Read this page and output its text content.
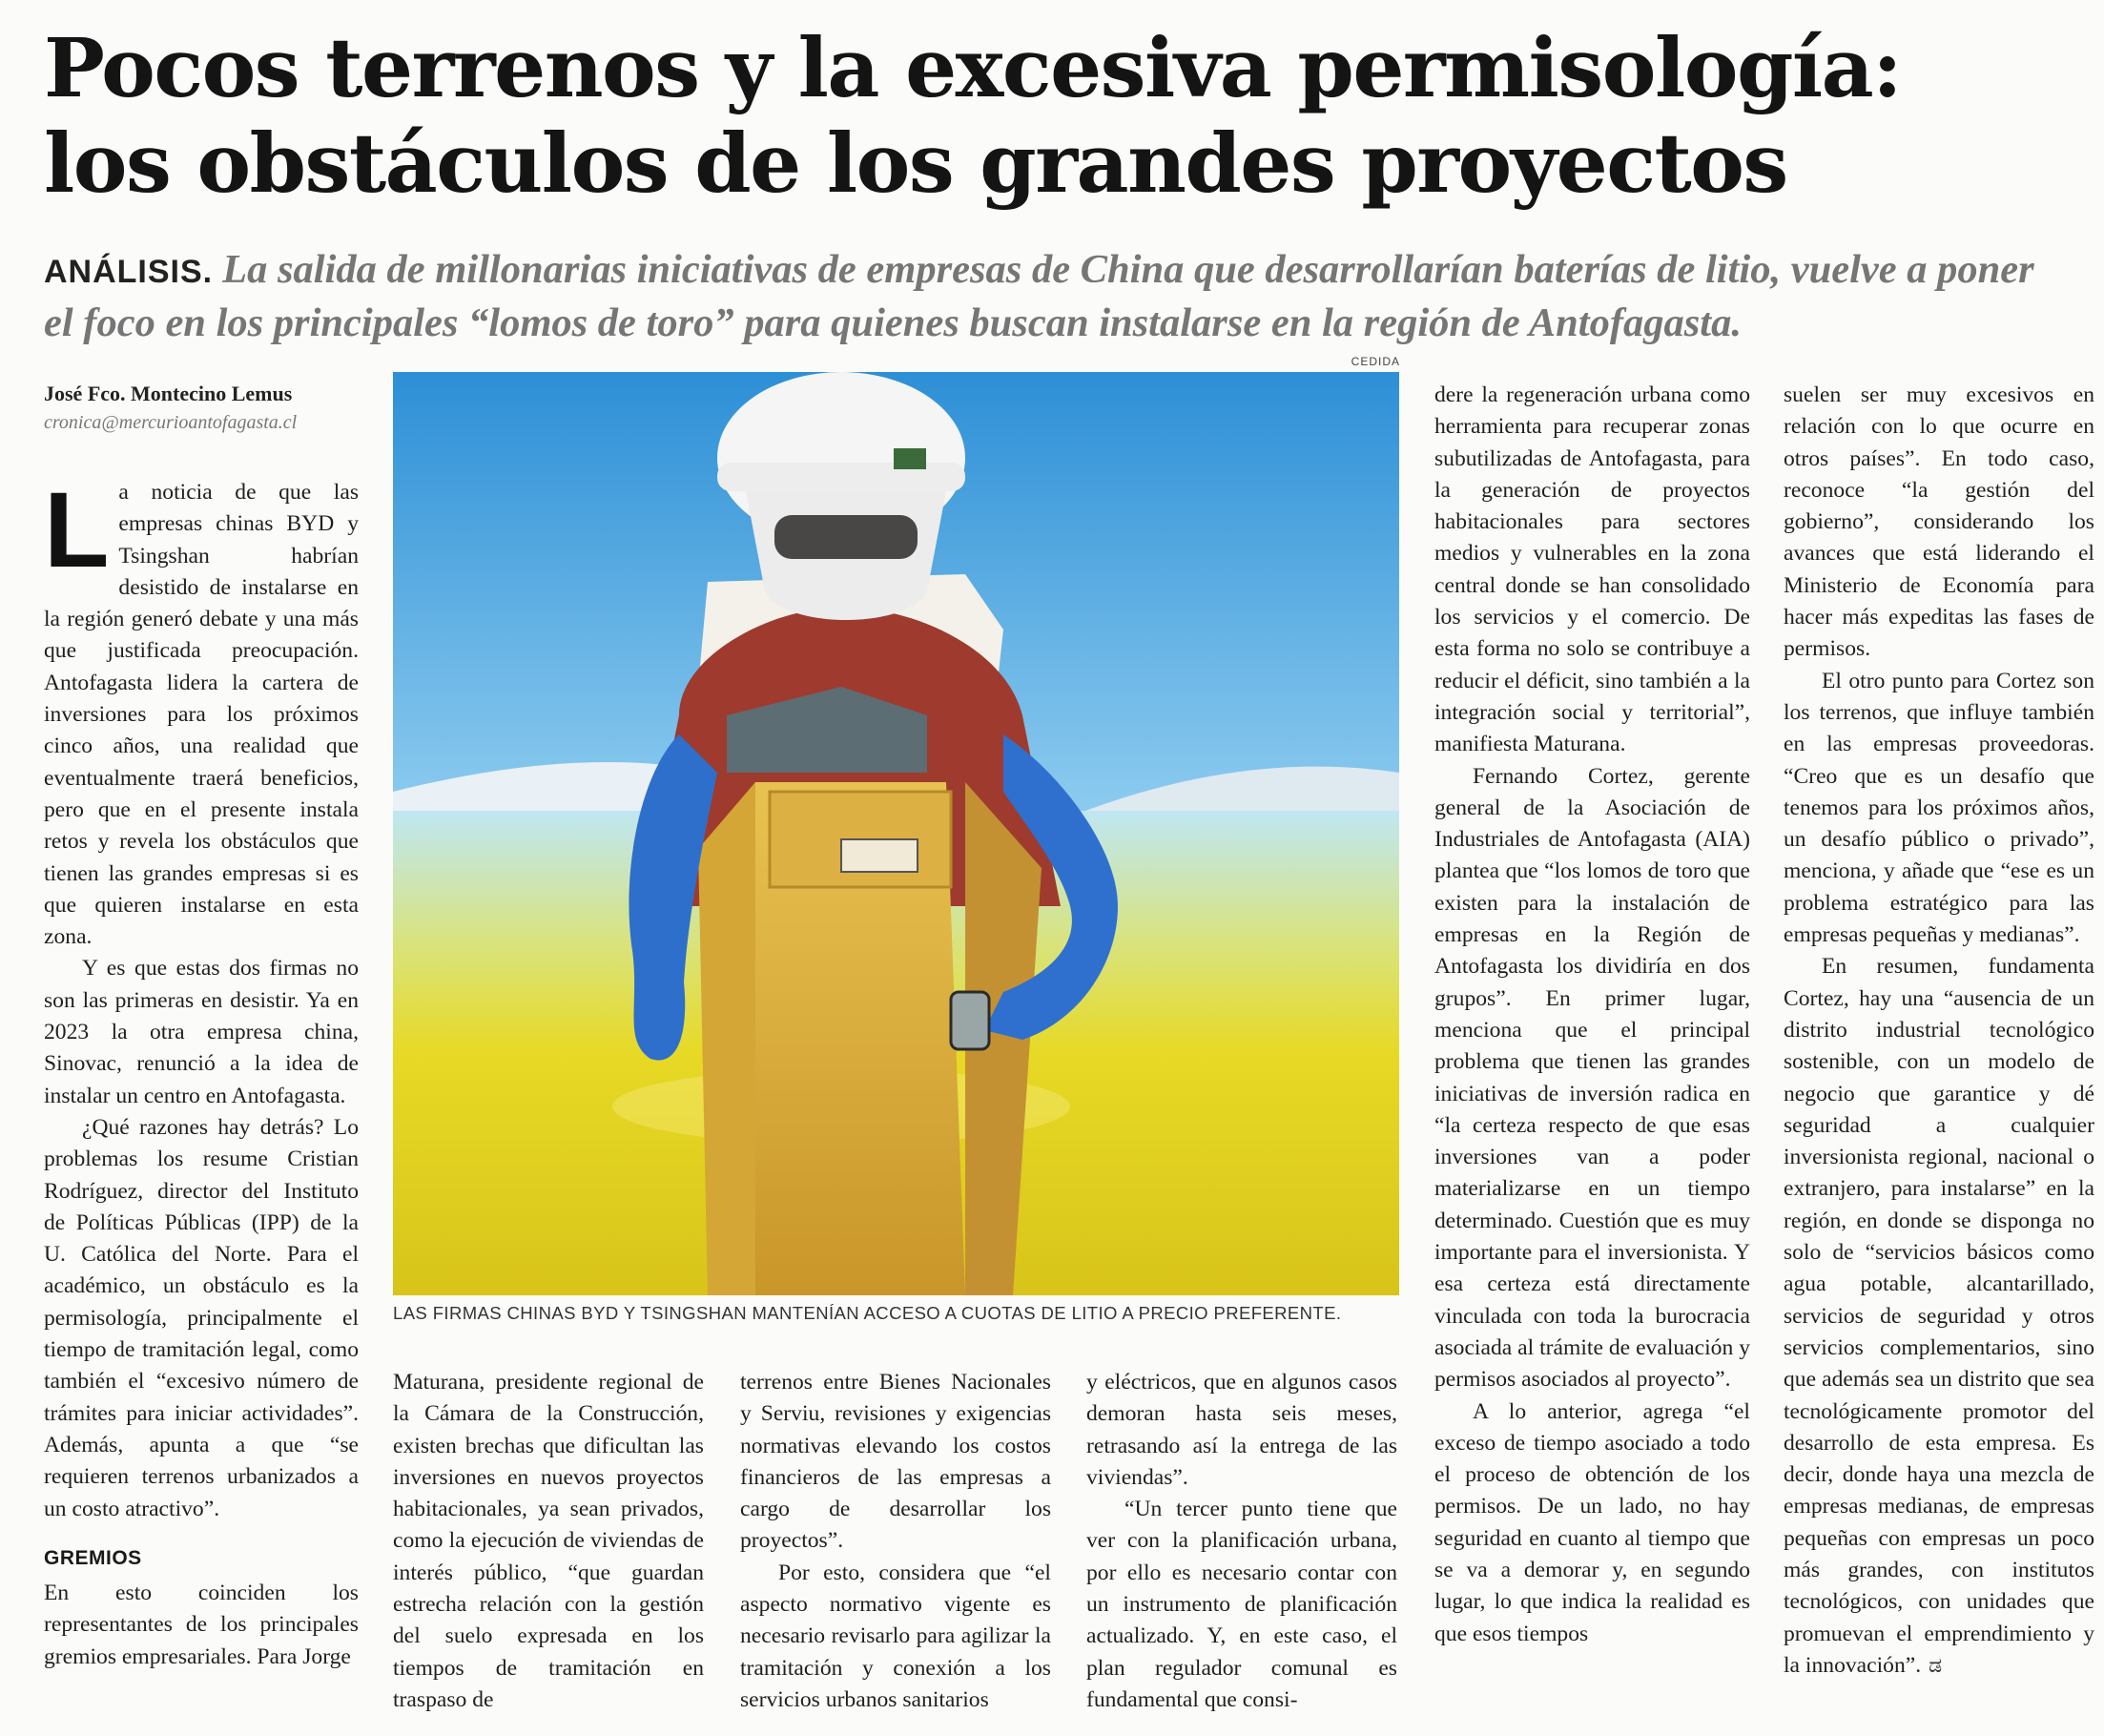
Pocos terrenos y la excesiva permisología:
los obstáculos de los grandes proyectos

ANÁLISIS. La salida de millonarias iniciativas de empresas de China que desarrollarían baterías de litio, vuelve a poner el foco en los principales “lomos de toro” para quienes buscan instalarse en la región de Antofagasta.

José Fco. Montecino Lemus
cronica@mercurioantofagasta.cl

La noticia de que las empresas chinas BYD y Tsingshan habrían desistido de instalarse en la región generó debate y una más que justificada preocupación. Antofagasta lidera la cartera de inversiones para los próximos cinco años, una realidad que eventualmente traerá beneficios, pero que en el presente instala retos y revela los obstáculos que tienen las grandes empresas si es que quieren instalarse en esta zona.

Y es que estas dos firmas no son las primeras en desistir. Ya en 2023 la otra empresa china, Sinovac, renunció a la idea de instalar un centro en Antofagasta.

¿Qué razones hay detrás? Lo problemas los resume Cristian Rodríguez, director del Instituto de Políticas Públicas (IPP) de la U. Católica del Norte. Para el académico, un obstáculo es la permisología, principalmente el tiempo de tramitación legal, como también el “excesivo número de trámites para iniciar actividades”. Además, apunta a que “se requieren terrenos urbanizados a un costo atractivo”.

GREMIOS

En esto coinciden los representantes de los principales gremios empresariales. Para Jorge

CEDIDA
LAS FIRMAS CHINAS BYD Y TSINGSHAN MANTENÍAN ACCESO A CUOTAS DE LITIO A PRECIO PREFERENTE.

Maturana, presidente regional de la Cámara de la Construcción, existen brechas que dificultan las inversiones en nuevos proyectos habitacionales, ya sean privados, como la ejecución de viviendas de interés público, “que guardan estrecha relación con la gestión del suelo expresada en los tiempos de tramitación en traspaso de

terrenos entre Bienes Nacionales y Serviu, revisiones y exigencias normativas elevando los costos financieros de las empresas a cargo de desarrollar los proyectos”.

Por esto, considera que “el aspecto normativo vigente es necesario revisarlo para agilizar la tramitación y conexión a los servicios urbanos sanitarios

y eléctricos, que en algunos casos demoran hasta seis meses, retrasando así la entrega de las viviendas”.

“Un tercer punto tiene que ver con la planificación urbana, por ello es necesario contar con un instrumento de planificación actualizado. Y, en este caso, el plan regulador comunal es fundamental que consi-

dere la regeneración urbana como herramienta para recuperar zonas subutilizadas de Antofagasta, para la generación de proyectos habitacionales para sectores medios y vulnerables en la zona central donde se han consolidado los servicios y el comercio. De esta forma no solo se contribuye a reducir el déficit, sino también a la integración social y territorial”, manifiesta Maturana.

Fernando Cortez, gerente general de la Asociación de Industriales de Antofagasta (AIA) plantea que “los lomos de toro que existen para la instalación de empresas en la Región de Antofagasta los dividiría en dos grupos”. En primer lugar, menciona que el principal problema que tienen las grandes iniciativas de inversión radica en “la certeza respecto de que esas inversiones van a poder materializarse en un tiempo determinado. Cuestión que es muy importante para el inversionista. Y esa certeza está directamente vinculada con toda la burocracia asociada al trámite de evaluación y permisos asociados al proyecto”.

A lo anterior, agrega “el exceso de tiempo asociado a todo el proceso de obtención de los permisos. De un lado, no hay seguridad en cuanto al tiempo que se va a demorar y, en segundo lugar, lo que indica la realidad es que esos tiempos

suelen ser muy excesivos en relación con lo que ocurre en otros países”. En todo caso, reconoce “la gestión del gobierno”, considerando los avances que está liderando el Ministerio de Economía para hacer más expeditas las fases de permisos.

El otro punto para Cortez son los terrenos, que influye también en las empresas proveedoras. “Creo que es un desafío que tenemos para los próximos años, un desafío público o privado”, menciona, y añade que “ese es un problema estratégico para las empresas pequeñas y medianas”.

En resumen, fundamenta Cortez, hay una “ausencia de un distrito industrial tecnológico sostenible, con un modelo de negocio que garantice y dé seguridad a cualquier inversionista regional, nacional o extranjero, para instalarse” en la región, en donde se disponga no solo de “servicios básicos como agua potable, alcantarillado, servicios de seguridad y otros servicios complementarios, sino que además sea un distrito que sea tecnológicamente promotor del desarrollo de esta empresa. Es decir, donde haya una mezcla de empresas medianas, de empresas pequeñas con empresas un poco más grandes, con institutos tecnológicos, con unidades que promuevan el emprendimiento y la innovación”. ಡ
